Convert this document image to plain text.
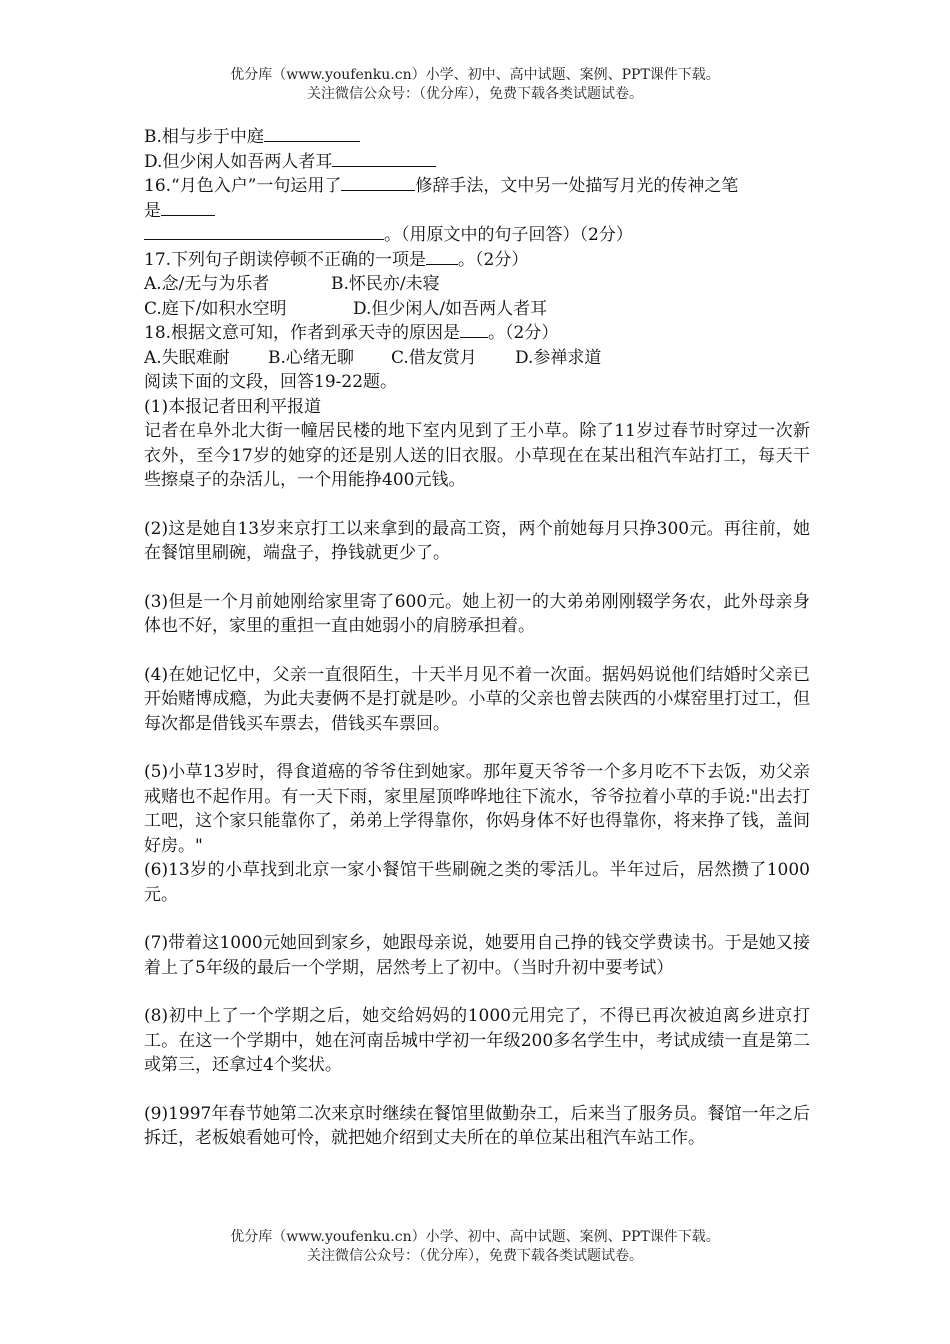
优分库（www.youfenku.cn）小学、初中、高中试题、案例、PPT课件下载。
关注微信公众号：（优分库），免费下载各类试题试卷。

B.相与步于中庭

D.但少闲人如吾两人者耳

16.“月色入户”一句运用了	修辞手法，文中另一处描写月光的传神之笔

是

。（用原文中的句子回答）（2分）

17.下列句子朗读停顿不正确的一项是 。（2分）

A.念/无与为乐者	B.怀民亦/未寝

C.庭下/如积水空明	D.但少闲人/如吾两人者耳

18.根据文意可知，作者到承天寺的原因是 。（2分）

A.失眠难耐 B.心绪无聊 C.借友赏月 D.参禅求道

阅读下面的文段，回答19-22题。

(1)本报记者田利平报道

记者在阜外北大街一幢居民楼的地下室内见到了王小草。除了11岁过春节时穿过一次新衣外，至今17岁的她穿的还是别人送的旧衣服。小草现在在某出租汽车站打工，每天干些擦桌子的杂活儿，一个用能挣400元钱。

(2)这是她自13岁来京打工以来拿到的最高工资，两个前她每月只挣300元。再往前，她在餐馆里刷碗，端盘子，挣钱就更少了。

(3)但是一个月前她刚给家里寄了600元。她上初一的大弟弟刚刚辍学务农，此外母亲身体也不好，家里的重担一直由她弱小的肩膀承担着。

(4)在她记忆中，父亲一直很陌生，十天半月见不着一次面。据妈妈说他们结婚时父亲已开始赌博成瘾，为此夫妻俩不是打就是吵。小草的父亲也曾去陕西的小煤窑里打过工，但每次都是借钱买车票去，借钱买车票回。

(5)小草13岁时，得食道癌的爷爷住到她家。那年夏天爷爷一个多月吃不下去饭，劝父亲戒赌也不起作用。有一天下雨，家里屋顶哗哗地往下流水，爷爷拉着小草的手说:"出去打工吧，这个家只能靠你了，弟弟上学得靠你，你妈身体不好也得靠你，将来挣了钱，盖间好房。"

(6)13岁的小草找到北京一家小餐馆干些刷碗之类的零活儿。半年过后，居然攒了1000元。

(7)带着这1000元她回到家乡，她跟母亲说，她要用自己挣的钱交学费读书。于是她又接着上了5年级的最后一个学期，居然考上了初中。（当时升初中要考试）

(8)初中上了一个学期之后，她交给妈妈的1000元用完了，不得已再次被迫离乡进京打工。在这一个学期中，她在河南岳城中学初一年级200多名学生中，考试成绩一直是第二或第三，还拿过4个奖状。

(9)1997年春节她第二次来京时继续在餐馆里做勤杂工，后来当了服务员。餐馆一年之后拆迁，老板娘看她可怜，就把她介绍到丈夫所在的单位某出租汽车站工作。

优分库（www.youfenku.cn）小学、初中、高中试题、案例、PPT课件下载。
关注微信公众号：（优分库），免费下载各类试题试卷。
